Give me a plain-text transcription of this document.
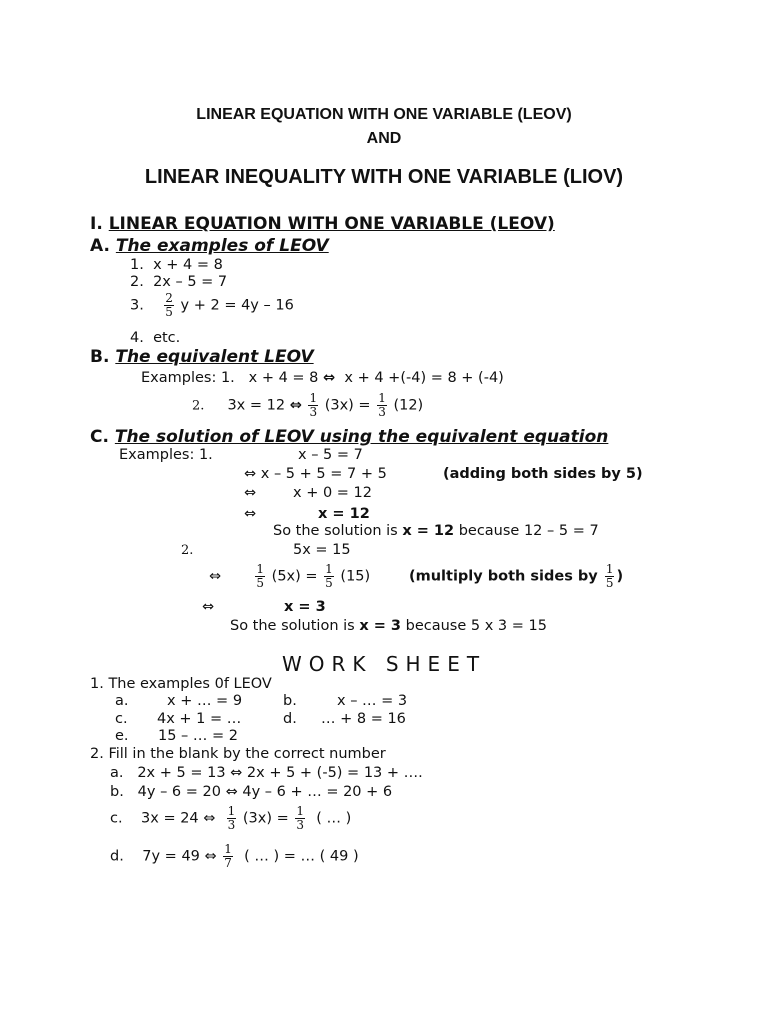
LINEAR EQUATION WITH ONE VARIABLE (LEOV)
AND
LINEAR INEQUALITY WITH ONE VARIABLE (LIOV)
I. LINEAR EQUATION WITH ONE VARIABLE (LEOV)
A. The examples of LEOV
1. x + 4 = 8
2. 2x – 5 = 7
3. $\frac{2}{5}$ y + 2 = 4y – 16
4. etc.
B. The equivalent LEOV
Examples: 1. x + 4 = 8 ⇔ x + 4 +(-4) = 8 + (-4)
2. 3x = 12 ⇔ $\frac{1}{3} (3x) = \frac{1}{3} (12)$
C. The solution of LEOV using the equivalent equation
Examples: 1.	x – 5 = 7
⇔ x – 5 + 5 = 7 + 5	(adding both sides by 5)
⇔	x + 0 = 12
⇔	x = 12
So the solution is x = 12 because 12 – 5 = 7
2.	5x = 15
⇔	$\frac{1}{5} (5x) = \frac{1}{5} (15)$	(multiply both sides by $\frac{1}{5}$ )
⇔	x = 3
So the solution is x = 3 because 5 x 3 = 15
WORK SHEET
1. The examples 0f LEOV
a.	x + … = 9	b.	x – … = 3
c. 4x + 1 = …	d. … + 8 = 16
e. 15 – … = 2
2. Fill in the blank by the correct number
a. 2x + 5 = 13 ⇔ 2x + 5 + (-5) = 13 + ….
b. 4y – 6 = 20 ⇔ 4y – 6 + … = 20 + 6
c. 3x = 24 ⇔ $\frac{1}{3} (3x) = \frac{1}{3}$ ( … )
d. 7y = 49 ⇔ $\frac{1}{7}$ ( … ) = … ( 49 )
